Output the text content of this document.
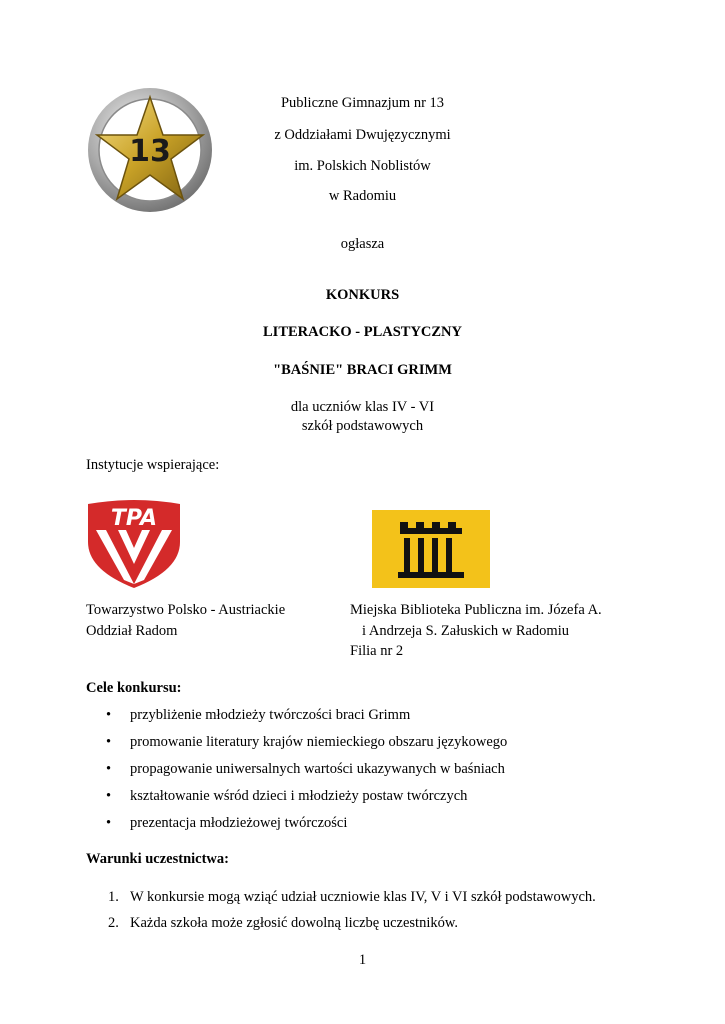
13
Publiczne Gimnazjum nr 13
z Oddziałami Dwujęzycznymi
im. Polskich Noblistów
w Radomiu
ogłasza
KONKURS
LITERACKO - PLASTYCZNY
"BAŚNIE" BRACI GRIMM
dla uczniów klas IV - VI
szkół podstawowych
Instytucje wspierające:
TPA
Towarzystwo Polsko - Austriackie
Oddział Radom
Miejska Biblioteka Publiczna im. Józefa A.
i Andrzeja S. Załuskich w Radomiu
Filia nr 2
Cele konkursu:
• przybliżenie młodzieży twórczości braci Grimm
• promowanie literatury krajów niemieckiego obszaru językowego
• propagowanie uniwersalnych wartości ukazywanych w baśniach
• kształtowanie wśród dzieci i młodzieży postaw twórczych
• prezentacja młodzieżowej twórczości
Warunki uczestnictwa:
1. W konkursie mogą wziąć udział uczniowie klas IV, V i VI szkół podstawowych.
2. Każda szkoła może zgłosić dowolną liczbę uczestników.
1
